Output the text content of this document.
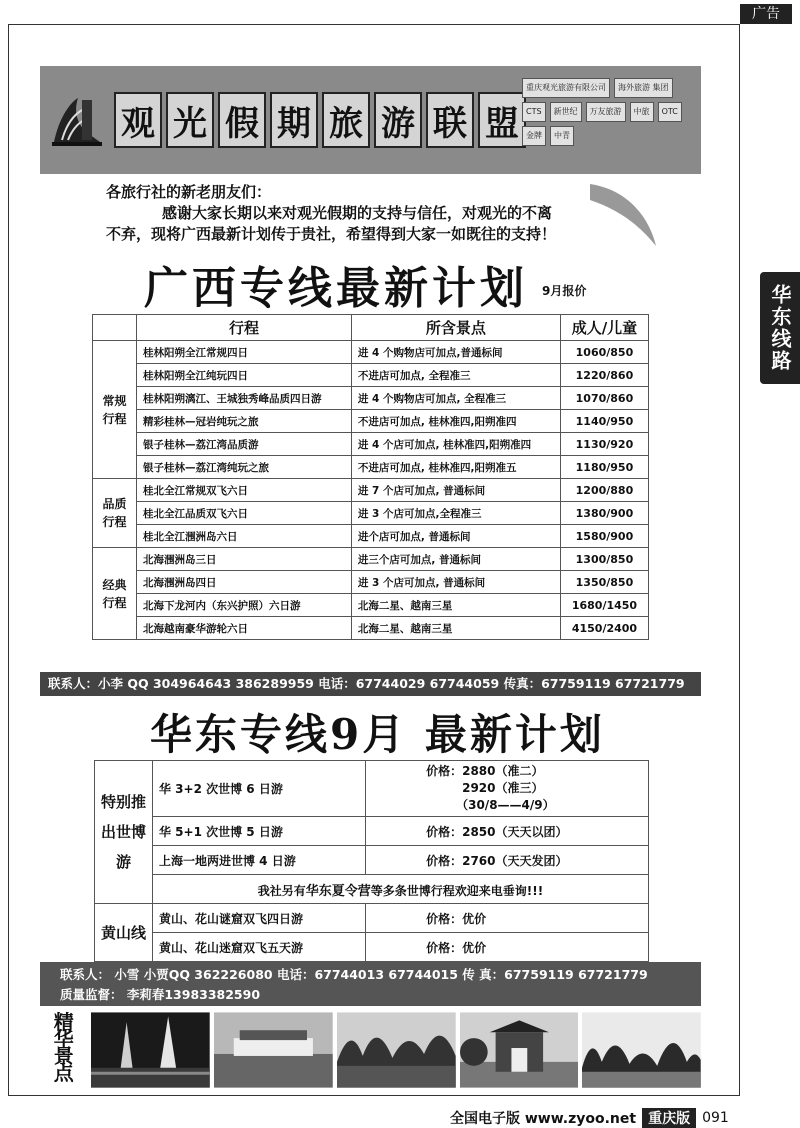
广告
华东线路
观 光 假 期 旅 游 联 盟
重庆观光旅游有限公司	海外旅游 集团
CTS	新世纪	万友旅游	中旅	OTC
金牌	中青
各旅行社的新老朋友们：
感谢大家长期以来对观光假期的支持与信任，对观光的不离
不弃，现将广西最新计划传于贵社，希望得到大家一如既往的支持！
广西专线最新计划 9月报价
	行程	所含景点	成人/儿童
常规行程	桂林阳朔全江常规四日	进 4 个购物店可加点,普通标间	1060/850
	桂林阳朔全江纯玩四日	不进店可加点, 全程准三	1220/860
	桂林阳朔漓江、王城独秀峰品质四日游	进 4 个购物店可加点, 全程准三	1070/860
	精彩桂林—冠岩纯玩之旅	不进店可加点, 桂林准四,阳朔准四	1140/950
	银子桂林—荔江湾品质游	进 4 个店可加点, 桂林准四,阳朔准四	1130/920
	银子桂林—荔江湾纯玩之旅	不进店可加点, 桂林准四,阳朔准五	1180/950
品质行程	桂北全江常规双飞六日	进 7 个店可加点, 普通标间	1200/880
	桂北全江品质双飞六日	进 3 个店可加点,全程准三	1380/900
	桂北全江涠洲岛六日	进个店可加点, 普通标间	1580/900
经典行程	北海涠洲岛三日	进三个店可加点, 普通标间	1300/850
	北海涠洲岛四日	进 3 个店可加点, 普通标间	1350/850
	北海下龙河内（东兴护照）六日游	北海二星、越南三星	1680/1450
	北海越南豪华游轮六日	北海二星、越南三星	4150/2400
联系人：小李 QQ 304964643 386289959 电话：67744029 67744059 传真：67759119 67721779
华东专线9月 最新计划
特别推出世博游	华 3+2 次世博 6 日游	价格：2880（准二）
2920（准三）
（30/8——4/9）

	华 5+1 次世博 5 日游	价格：2850（天天以团）
	上海一地两进世博 4 日游	价格：2760（天天发团）
	我社另有华东夏令营等多条世博行程欢迎来电垂询!!!	
黄山线	黄山、花山谜窟双飞四日游	价格：优价
	黄山、花山迷窟双飞五天游	价格：优价
联系人： 小雪 小贾QQ 362226080 电话：67744013 67744015 传 真：67759119 67721779
质量监督： 李莉春13983382590
精
华
景
点
全国电子版 www.zyoo.net 重庆版 091
